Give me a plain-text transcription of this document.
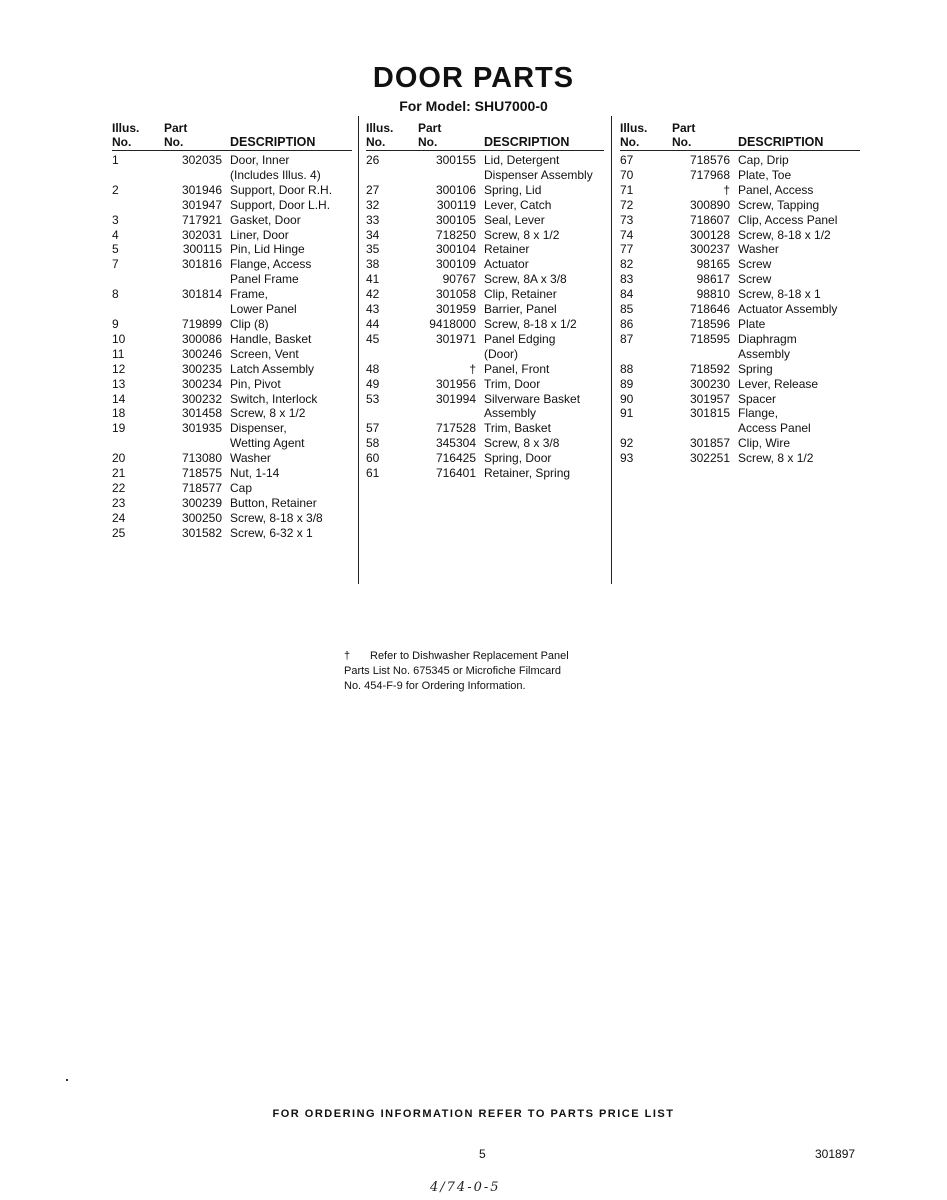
DOOR PARTS
For Model: SHU7000-0
Illus.
No.
Part
No.	DESCRIPTION
1	302035 Door, Inner
(Includes Illus. 4)
2	301946 Support, Door R.H.
301947 Support, Door L.H.
3	717921 Gasket, Door
4	302031 Liner, Door
5	300115 Pin, Lid Hinge
7	301816 Flange, Access
Panel Frame
8	301814 Frame,
Lower Panel
9	719899 Clip (8)
10	300086 Handle, Basket
11	300246 Screen, Vent
12	300235 Latch Assembly
13	300234 Pin, Pivot
14	300232 Switch, Interlock
18	301458 Screw, 8 x 1/2
19	301935 Dispenser,
Wetting Agent
20	713080 Washer
21	718575 Nut, 1-14
22	718577 Cap
23	300239 Button, Retainer
24	300250 Screw, 8-18 x 3/8
25	301582 Screw, 6-32 x 1
Illus.
No.
Part
No.	DESCRIPTION
26	300155 Lid, Detergent
Dispenser Assembly
27	300106 Spring, Lid
32	300119 Lever, Catch
33	300105 Seal, Lever
34	718250 Screw, 8 x 1/2
35	300104 Retainer
38	300109 Actuator
41	90767 Screw, 8A x 3/8
42	301058 Clip, Retainer
43	301959 Barrier, Panel
44	9418000 Screw, 8-18 x 1/2
45	301971 Panel Edging
(Door)
48	† Panel, Front
49	301956 Trim, Door
53	301994 Silverware Basket
Assembly
57	717528 Trim, Basket
58	345304 Screw, 8 x 3/8
60	716425 Spring, Door
61	716401 Retainer, Spring
Illus.
No.
Part
No.	DESCRIPTION
67	718576 Cap, Drip
70	717968 Plate, Toe
71	† Panel, Access
72	300890 Screw, Tapping
73	718607 Clip, Access Panel
74	300128 Screw, 8-18 x 1/2
77	300237 Washer
82	98165 Screw
83	98617 Screw
84	98810 Screw, 8-18 x 1
85	718646 Actuator Assembly
86	718596 Plate
87	718595 Diaphragm
Assembly
88	718592 Spring
89	300230 Lever, Release
90	301957 Spacer
91	301815 Flange,
Access Panel
92	301857 Clip, Wire
93	302251 Screw, 8 x 1/2
† Refer to Dishwasher Replacement Panel
Parts List No. 675345 or Microfiche Filmcard
No. 454-F-9 for Ordering Information.
FOR ORDERING INFORMATION REFER TO PARTS PRICE LIST
5	301897
4/74-0-5
